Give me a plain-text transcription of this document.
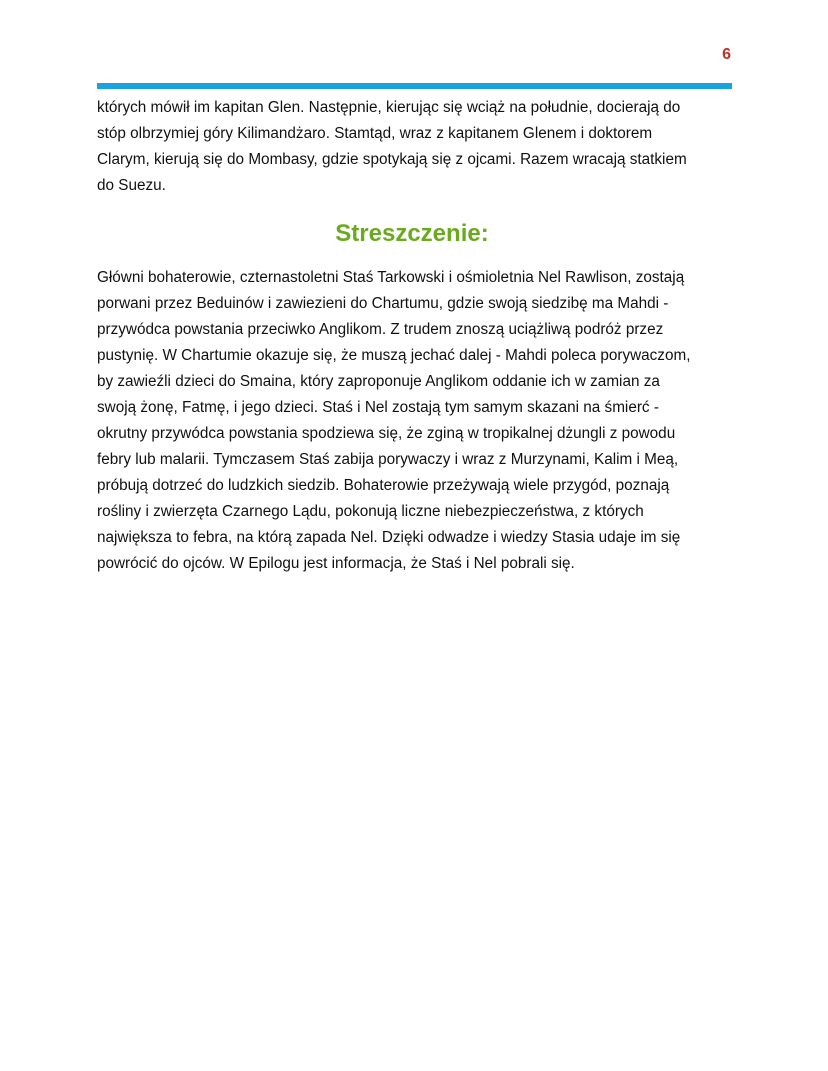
6

których mówił im kapitan Glen. Następnie, kierując się wciąż na południe, docierają do
stóp olbrzymiej góry Kilimandżaro. Stamtąd, wraz z kapitanem Glenem i doktorem
Clarym, kierują się do Mombasy, gdzie spotykają się z ojcami. Razem wracają statkiem
do Suezu.

Streszczenie:

Główni bohaterowie, czternastoletni Staś Tarkowski i ośmioletnia Nel Rawlison, zostają
porwani przez Beduinów i zawiezieni do Chartumu, gdzie swoją siedzibę ma Mahdi -
przywódca powstania przeciwko Anglikom. Z trudem znoszą uciążliwą podróż przez
pustynię. W Chartumie okazuje się, że muszą jechać dalej - Mahdi poleca porywaczom,
by zawieźli dzieci do Smaina, który zaproponuje Anglikom oddanie ich w zamian za
swoją żonę, Fatmę, i jego dzieci. Staś i Nel zostają tym samym skazani na śmierć -
okrutny przywódca powstania spodziewa się, że zginą w tropikalnej dżungli z powodu
febry lub malarii. Tymczasem Staś zabija porywaczy i wraz z Murzynami, Kalim i Meą,
próbują dotrzeć do ludzkich siedzib. Bohaterowie przeżywają wiele przygód, poznają
rośliny i zwierzęta Czarnego Lądu, pokonują liczne niebezpieczeństwa, z których
największa to febra, na którą zapada Nel. Dzięki odwadze i wiedzy Stasia udaje im się
powrócić do ojców. W Epilogu jest informacja, że Staś i Nel pobrali się.
